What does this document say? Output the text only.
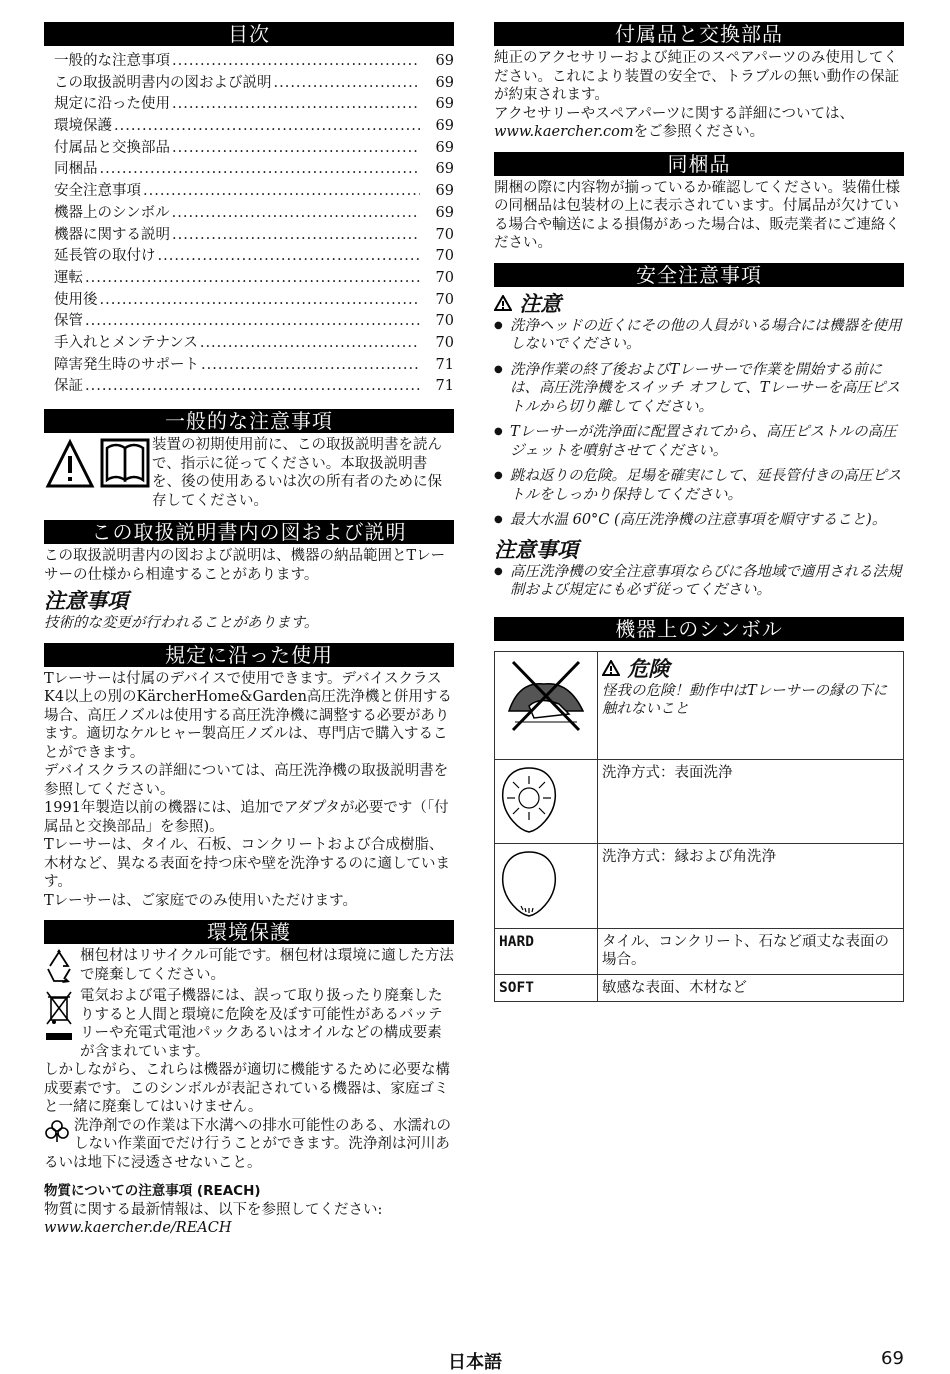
目次
一般的な注意事項 .....	69
この取扱説明書内の図および説明 .....	69
規定に沿った使用 .....	69
環境保護 .....	69
付属品と交換部品 .....	69
同梱品 .....	69
安全注意事項 .....	69
機器上のシンボル .....	69
機器に関する説明 .....	70
延長管の取付け .....	70
運転 .....	70
使用後 .....	70
保管 .....	70
手入れとメンテナンス .....	70
障害発生時のサポート .....	71
保証 .....	71
一般的な注意事項

装置の初期使用前に、この取扱説明書を読んで、指示に従ってください。本取扱説明書を、後の使用あるいは次の所有者のために保存してください。

この取扱説明書内の図および説明

この取扱説明書内の図および説明は、機器の納品範囲とTレーサーの仕様から相違することがあります。

注意事項

技術的な変更が行われることがあります。

規定に沿った使用

Tレーサーは付属のデバイスで使用できます。デバイスクラスK4以上の別のKärcherHome&Garden高圧洗浄機と併用する場合、高圧ノズルは使用する高圧洗浄機に調整する必要があります。適切なケルヒャー製高圧ノズルは、専門店で購入することができます。

デバイスクラスの詳細については、高圧洗浄機の取扱説明書を参照してください。

1991年製造以前の機器には、追加でアダプタが必要です（「付属品と交換部品」を参照)。

Tレーサーは、タイル、石板、コンクリートおよび合成樹脂、木材など、異なる表面を持つ床や壁を洗浄するのに適しています。

Tレーサーは、ご家庭でのみ使用いただけます。

環境保護

梱包材はリサイクル可能です。梱包材は環境に適した方法で廃棄してください。

電気および電子機器には、誤って取り扱ったり廃棄したりすると人間と環境に危険を及ぼす可能性があるバッテリーや充電式電池パックあるいはオイルなどの構成要素が含まれています。

しかしながら、これらは機器が適切に機能するために必要な構成要素です。このシンボルが表記されている機器は、家庭ゴミと一緒に廃棄してはいけません。

洗浄剤での作業は下水溝への排水可能性のある、水濡れのしない作業面でだけ行うことができます。洗浄剤は河川あるいは地下に浸透させないこと。

物質についての注意事項 (REACH)

物質に関する最新情報は、以下を参照してください:

www.kaercher.de/REACH

付属品と交換部品

純正のアクセサリーおよび純正のスペアパーツのみ使用してください。これにより装置の安全で、トラブルの無い動作の保証が約束されます。

アクセサリーやスペアパーツに関する詳細については、www.kaercher.comをご参照ください。

同梱品

開梱の際に内容物が揃っているか確認してください。装備仕様の同梱品は包装材の上に表示されています。付属品が欠けている場合や輸送による損傷があった場合は、販売業者にご連絡ください。

安全注意事項
注意
● 洗浄ヘッドの近くにその他の人員がいる場合には機器を使用しないでください。
● 洗浄作業の終了後およびTレーサーで作業を開始する前には、高圧洗浄機をスイッチ オフして、Tレーサーを高圧ピストルから切り離してください。
● Tレーサーが洗浄面に配置されてから、高圧ピストルの高圧ジェットを噴射させてください。
● 跳ね返りの危険。足場を確実にして、延長管付きの高圧ピストルをしっかり保持してください。
● 最大水温 60°C (高圧洗浄機の注意事項を順守すること)。
注意事項
● 高圧洗浄機の安全注意事項ならびに各地域で適用される法規制および規定にも必ず従ってください。
機器上のシンボル

危険

怪我の危険！動作中はTレーサーの縁の下に触れないこと

	洗浄方式：表面洗浄
	洗浄方式：縁および角洗浄
HARD	タイル、コンクリート、石など頑丈な表面の場合。
SOFT	敏感な表面、木材など
日本語	69
